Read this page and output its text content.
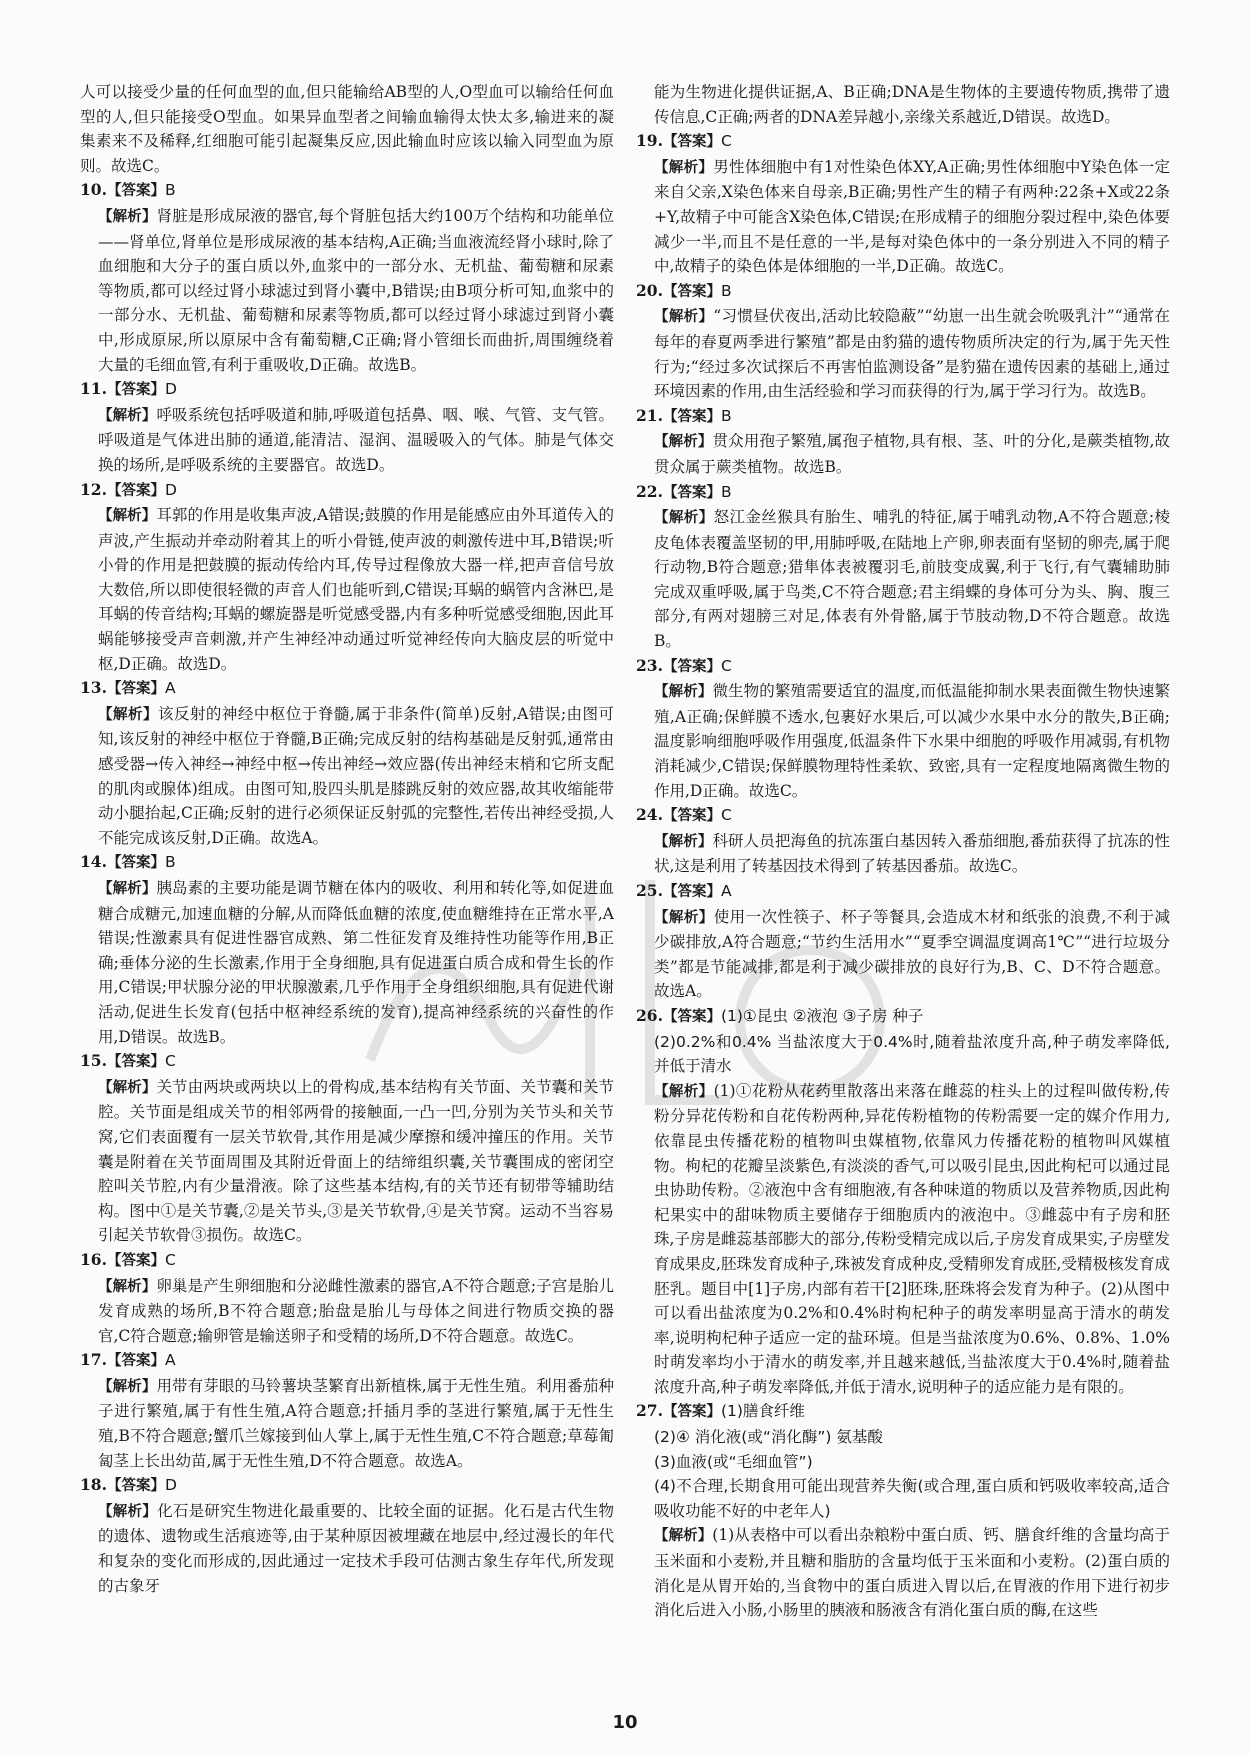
人可以接受少量的任何血型的血,但只能输给AB型的人,O型血可以输给任何血型的人,但只能接受O型血。如果异血型者之间输血输得太快太多,输进来的凝集素来不及稀释,红细胞可能引起凝集反应,因此输血时应该以输入同型血为原则。故选C。

10.【答案】B
【解析】肾脏是形成尿液的器官,每个肾脏包括大约100万个结构和功能单位——肾单位,肾单位是形成尿液的基本结构,A正确;当血液流经肾小球时,除了血细胞和大分子的蛋白质以外,血浆中的一部分水、无机盐、葡萄糖和尿素等物质,都可以经过肾小球滤过到肾小囊中,B错误;由B项分析可知,血浆中的一部分水、无机盐、葡萄糖和尿素等物质,都可以经过肾小球滤过到肾小囊中,形成原尿,所以原尿中含有葡萄糖,C正确;肾小管细长而曲折,周围缠绕着大量的毛细血管,有利于重吸收,D正确。故选B。
11.【答案】D
【解析】呼吸系统包括呼吸道和肺,呼吸道包括鼻、咽、喉、气管、支气管。呼吸道是气体进出肺的通道,能清洁、湿润、温暖吸入的气体。肺是气体交换的场所,是呼吸系统的主要器官。故选D。
12.【答案】D
【解析】耳郭的作用是收集声波,A错误;鼓膜的作用是能感应由外耳道传入的声波,产生振动并牵动附着其上的听小骨链,使声波的刺激传进中耳,B错误;听小骨的作用是把鼓膜的振动传给内耳,传导过程像放大器一样,把声音信号放大数倍,所以即使很轻微的声音人们也能听到,C错误;耳蜗的蜗管内含淋巴,是耳蜗的传音结构;耳蜗的螺旋器是听觉感受器,内有多种听觉感受细胞,因此耳蜗能够接受声音刺激,并产生神经冲动通过听觉神经传向大脑皮层的听觉中枢,D正确。故选D。
13.【答案】A
【解析】该反射的神经中枢位于脊髓,属于非条件(简单)反射,A错误;由图可知,该反射的神经中枢位于脊髓,B正确;完成反射的结构基础是反射弧,通常由感受器→传入神经→神经中枢→传出神经→效应器(传出神经末梢和它所支配的肌肉或腺体)组成。由图可知,股四头肌是膝跳反射的效应器,故其收缩能带动小腿抬起,C正确;反射的进行必须保证反射弧的完整性,若传出神经受损,人不能完成该反射,D正确。故选A。
14.【答案】B
【解析】胰岛素的主要功能是调节糖在体内的吸收、利用和转化等,如促进血糖合成糖元,加速血糖的分解,从而降低血糖的浓度,使血糖维持在正常水平,A错误;性激素具有促进性器官成熟、第二性征发育及维持性功能等作用,B正确;垂体分泌的生长激素,作用于全身细胞,具有促进蛋白质合成和骨生长的作用,C错误;甲状腺分泌的甲状腺激素,几乎作用于全身组织细胞,具有促进代谢活动,促进生长发育(包括中枢神经系统的发育),提高神经系统的兴奋性的作用,D错误。故选B。
15.【答案】C
【解析】关节由两块或两块以上的骨构成,基本结构有关节面、关节囊和关节腔。关节面是组成关节的相邻两骨的接触面,一凸一凹,分别为关节头和关节窝,它们表面覆有一层关节软骨,其作用是减少摩擦和缓冲撞压的作用。关节囊是附着在关节面周围及其附近骨面上的结缔组织囊,关节囊围成的密闭空腔叫关节腔,内有少量滑液。除了这些基本结构,有的关节还有韧带等辅助结构。图中①是关节囊,②是关节头,③是关节软骨,④是关节窝。运动不当容易引起关节软骨③损伤。故选C。
16.【答案】C
【解析】卵巢是产生卵细胞和分泌雌性激素的器官,A不符合题意;子宫是胎儿发育成熟的场所,B不符合题意;胎盘是胎儿与母体之间进行物质交换的器官,C符合题意;输卵管是输送卵子和受精的场所,D不符合题意。故选C。
17.【答案】A
【解析】用带有芽眼的马铃薯块茎繁育出新植株,属于无性生殖。利用番茄种子进行繁殖,属于有性生殖,A符合题意;扦插月季的茎进行繁殖,属于无性生殖,B不符合题意;蟹爪兰嫁接到仙人掌上,属于无性生殖,C不符合题意;草莓匍匐茎上长出幼苗,属于无性生殖,D不符合题意。故选A。
18.【答案】D
【解析】化石是研究生物进化最重要的、比较全面的证据。化石是古代生物的遗体、遗物或生活痕迹等,由于某种原因被埋藏在地层中,经过漫长的年代和复杂的变化而形成的,因此通过一定技术手段可估测古象生存年代,所发现的古象牙

能为生物进化提供证据,A、B正确;DNA是生物体的主要遗传物质,携带了遗传信息,C正确;两者的DNA差异越小,亲缘关系越近,D错误。故选D。

19.【答案】C
【解析】男性体细胞中有1对性染色体XY,A正确;男性体细胞中Y染色体一定来自父亲,X染色体来自母亲,B正确;男性产生的精子有两种:22条+X或22条+Y,故精子中可能含X染色体,C错误;在形成精子的细胞分裂过程中,染色体要减少一半,而且不是任意的一半,是每对染色体中的一条分别进入不同的精子中,故精子的染色体是体细胞的一半,D正确。故选C。
20.【答案】B
【解析】“习惯昼伏夜出,活动比较隐蔽”“幼崽一出生就会吮吸乳汁”“通常在每年的春夏两季进行繁殖”都是由豹猫的遗传物质所决定的行为,属于先天性行为;“经过多次试探后不再害怕监测设备”是豹猫在遗传因素的基础上,通过环境因素的作用,由生活经验和学习而获得的行为,属于学习行为。故选B。
21.【答案】B
【解析】贯众用孢子繁殖,属孢子植物,具有根、茎、叶的分化,是蕨类植物,故贯众属于蕨类植物。故选B。
22.【答案】B
【解析】怒江金丝猴具有胎生、哺乳的特征,属于哺乳动物,A不符合题意;棱皮龟体表覆盖坚韧的甲,用肺呼吸,在陆地上产卵,卵表面有坚韧的卵壳,属于爬行动物,B符合题意;猎隼体表被覆羽毛,前肢变成翼,利于飞行,有气囊辅助肺完成双重呼吸,属于鸟类,C不符合题意;君主绢蝶的身体可分为头、胸、腹三部分,有两对翅膀三对足,体表有外骨骼,属于节肢动物,D不符合题意。故选B。
23.【答案】C
【解析】微生物的繁殖需要适宜的温度,而低温能抑制水果表面微生物快速繁殖,A正确;保鲜膜不透水,包裹好水果后,可以减少水果中水分的散失,B正确;温度影响细胞呼吸作用强度,低温条件下水果中细胞的呼吸作用减弱,有机物消耗减少,C错误;保鲜膜物理特性柔软、致密,具有一定程度地隔离微生物的作用,D正确。故选C。
24.【答案】C
【解析】科研人员把海鱼的抗冻蛋白基因转入番茄细胞,番茄获得了抗冻的性状,这是利用了转基因技术得到了转基因番茄。故选C。
25.【答案】A
【解析】使用一次性筷子、杯子等餐具,会造成木材和纸张的浪费,不利于减少碳排放,A符合题意;“节约生活用水”“夏季空调温度调高1℃”“进行垃圾分类”都是节能减排,都是利于减少碳排放的良好行为,B、C、D不符合题意。故选A。
26.【答案】(1)①昆虫 ②液泡 ③子房 种子
(2)0.2%和0.4% 当盐浓度大于0.4%时,随着盐浓度升高,种子萌发率降低,并低于清水
【解析】(1)①花粉从花药里散落出来落在雌蕊的柱头上的过程叫做传粉,传粉分异花传粉和自花传粉两种,异花传粉植物的传粉需要一定的媒介作用力,依靠昆虫传播花粉的植物叫虫媒植物,依靠风力传播花粉的植物叫风媒植物。枸杞的花瓣呈淡紫色,有淡淡的香气,可以吸引昆虫,因此枸杞可以通过昆虫协助传粉。②液泡中含有细胞液,有各种味道的物质以及营养物质,因此枸杞果实中的甜味物质主要储存于细胞质内的液泡中。③雌蕊中有子房和胚珠,子房是雌蕊基部膨大的部分,传粉受精完成以后,子房发育成果实,子房壁发育成果皮,胚珠发育成种子,珠被发育成种皮,受精卵发育成胚,受精极核发育成胚乳。题目中[1]子房,内部有若干[2]胚珠,胚珠将会发育为种子。(2)从图中可以看出盐浓度为0.2%和0.4%时枸杞种子的萌发率明显高于清水的萌发率,说明枸杞种子适应一定的盐环境。但是当盐浓度为0.6%、0.8%、1.0%时萌发率均小于清水的萌发率,并且越来越低,当盐浓度大于0.4%时,随着盐浓度升高,种子萌发率降低,并低于清水,说明种子的适应能力是有限的。
27.【答案】(1)膳食纤维
(2)④ 消化液(或“消化酶”) 氨基酸
(3)血液(或“毛细血管”)
(4)不合理,长期食用可能出现营养失衡(或合理,蛋白质和钙吸收率较高,适合吸收功能不好的中老年人)
【解析】(1)从表格中可以看出杂粮粉中蛋白质、钙、膳食纤维的含量均高于玉米面和小麦粉,并且糖和脂肪的含量均低于玉米面和小麦粉。(2)蛋白质的消化是从胃开始的,当食物中的蛋白质进入胃以后,在胃液的作用下进行初步消化后进入小肠,小肠里的胰液和肠液含有消化蛋白质的酶,在这些
10
